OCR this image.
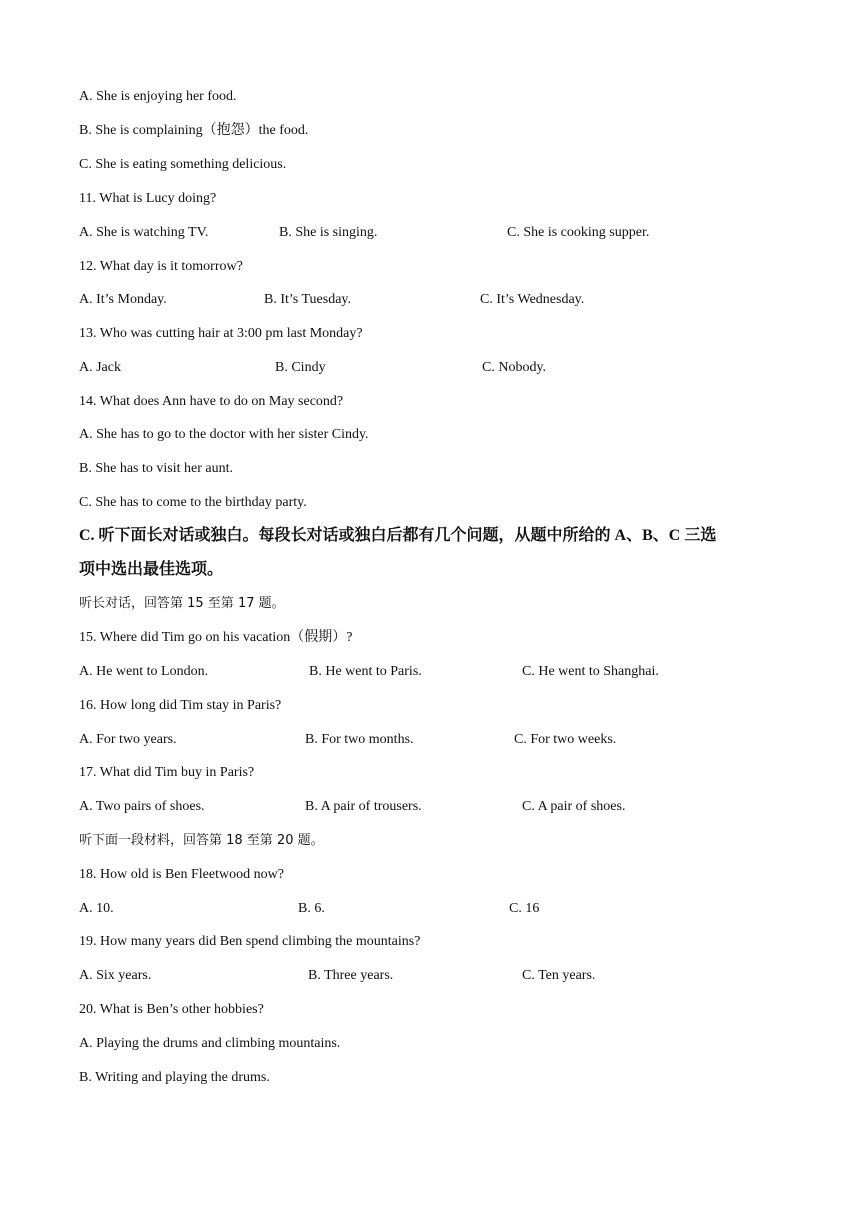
A. She is enjoying her food.
B. She is complaining（抱怨）the food.
C. She is eating something delicious.
11. What is Lucy doing?
A. She is watching TV.	B. She is singing.	C. She is cooking supper.
12. What day is it tomorrow?
A. It’s Monday.	B. It’s Tuesday.	C. It’s Wednesday.
13. Who was cutting hair at 3:00 pm last Monday?
A. Jack	B. Cindy	C. Nobody.
14. What does Ann have to do on May second?
A. She has to go to the doctor with her sister Cindy.
B. She has to visit her aunt.
C. She has to come to the birthday party.
C. 听下面长对话或独白。每段长对话或独白后都有几个问题，从题中所给的 A、B、C 三选
项中选出最佳选项。
听长对话，回答第 15 至第 17 题。
15. Where did Tim go on his vacation（假期）?
A. He went to London.	B. He went to Paris.	C. He went to Shanghai.
16. How long did Tim stay in Paris?
A. For two years.	B. For two months.	C. For two weeks.
17. What did Tim buy in Paris?
A. Two pairs of shoes.	B. A pair of trousers.	C. A pair of shoes.
听下面一段材料，回答第 18 至第 20 题。
18. How old is Ben Fleetwood now?
A. 10.	B. 6.	C. 16
19. How many years did Ben spend climbing the mountains?
A. Six years.	B. Three years.	C. Ten years.
20. What is Ben’s other hobbies?
A. Playing the drums and climbing mountains.
B. Writing and playing the drums.
